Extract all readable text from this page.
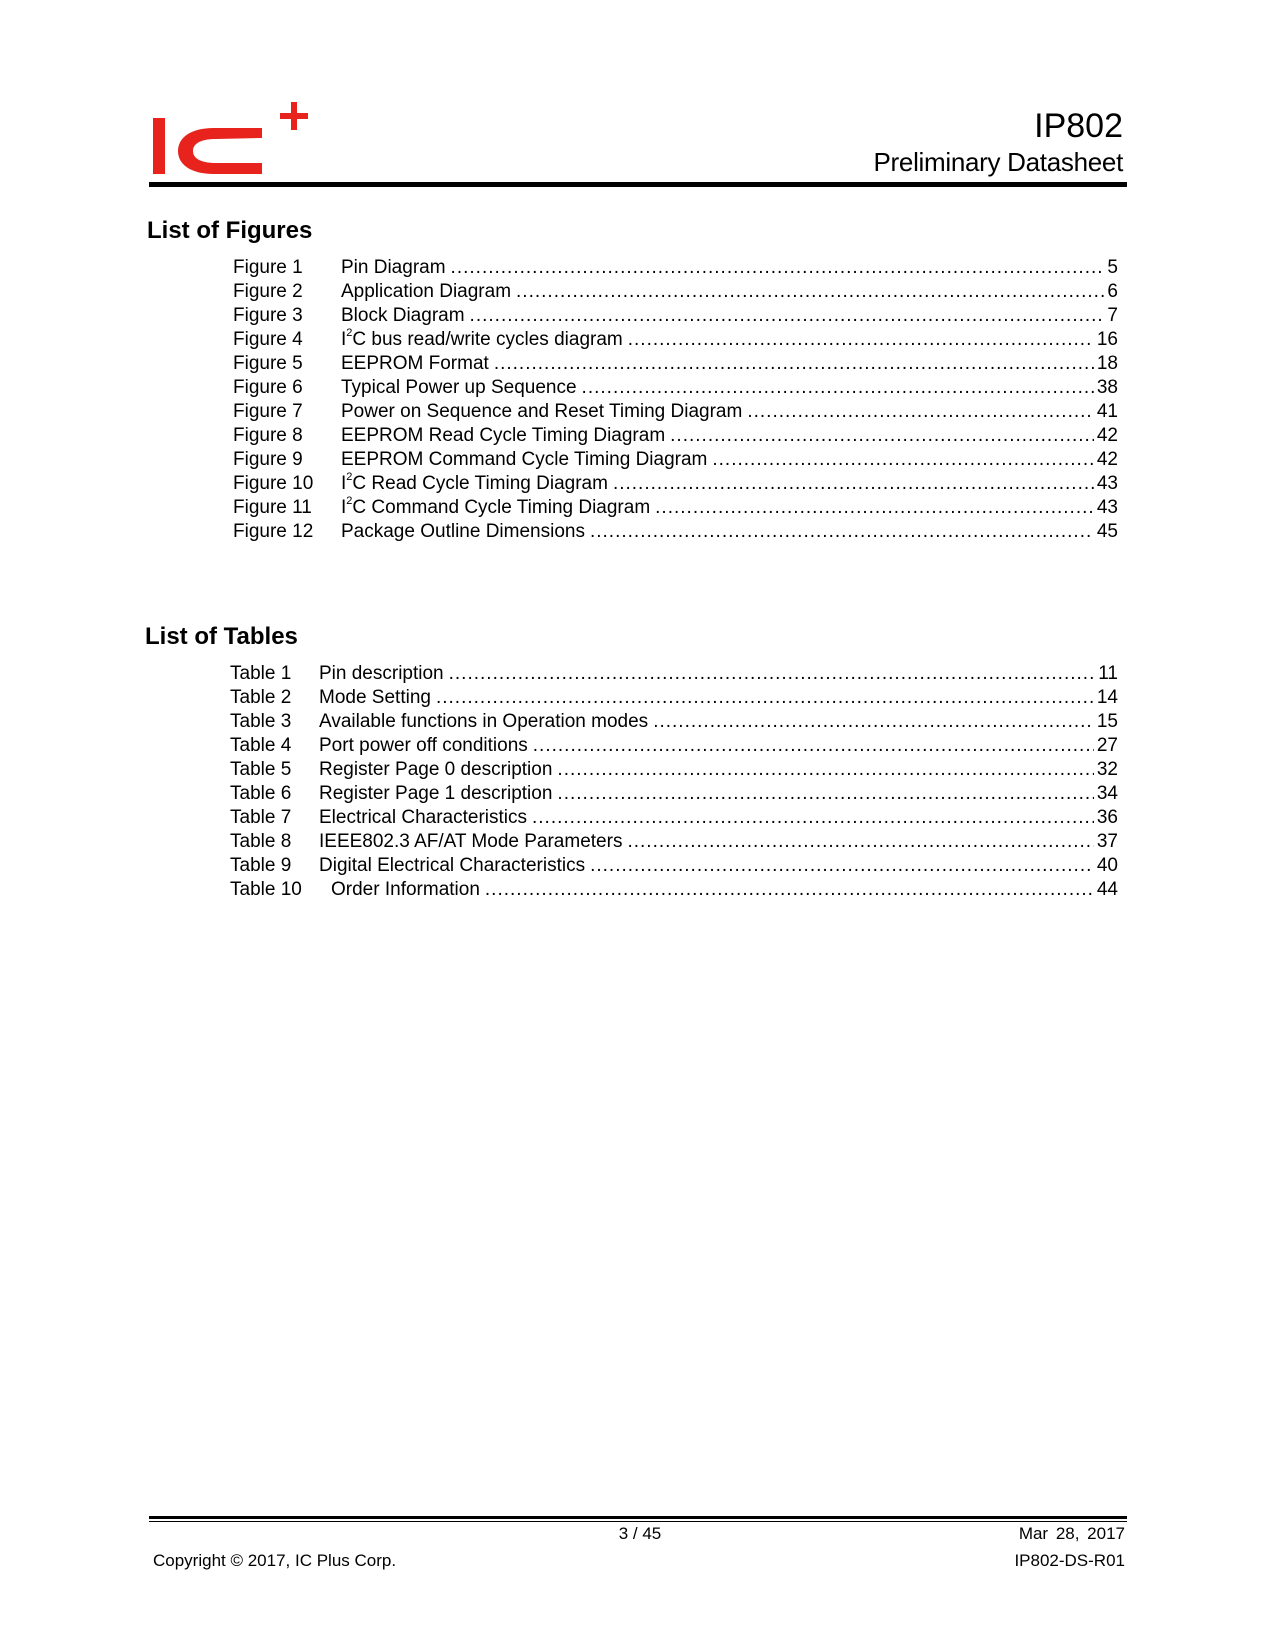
IP802
Preliminary Datasheet
List of Figures
Figure 1	Pin Diagram .....	5
Figure 2	Application Diagram .....	6
Figure 3	Block Diagram .....	7
Figure 4	$I^2C$ bus read/write cycles diagram .....	16
Figure 5	EEPROM Format .....	18
Figure 6	Typical Power up Sequence .....	38
Figure 7	Power on Sequence and Reset Timing Diagram .....	41
Figure 8	EEPROM Read Cycle Timing Diagram .....	42
Figure 9	EEPROM Command Cycle Timing Diagram .....	42
Figure 10	$I^2C$ Read Cycle Timing Diagram .....	43
Figure 11	$I^2C$ Command Cycle Timing Diagram .....	43
Figure 12	Package Outline Dimensions .....	45
List of Tables
Table 1	Pin description .....	11
Table 2	Mode Setting .....	14
Table 3	Available functions in Operation modes .....	15
Table 4	Port power off conditions .....	27
Table 5	Register Page 0 description .....	32
Table 6	Register Page 1 description .....	34
Table 7	Electrical Characteristics .....	36
Table 8	IEEE802.3 AF/AT Mode Parameters .....	37
Table 9	Digital Electrical Characteristics .....	40
Table 10	Order Information .....	44
3 / 45	Mar 28, 2017
Copyright © 2017, IC Plus Corp.	IP802-DS-R01
